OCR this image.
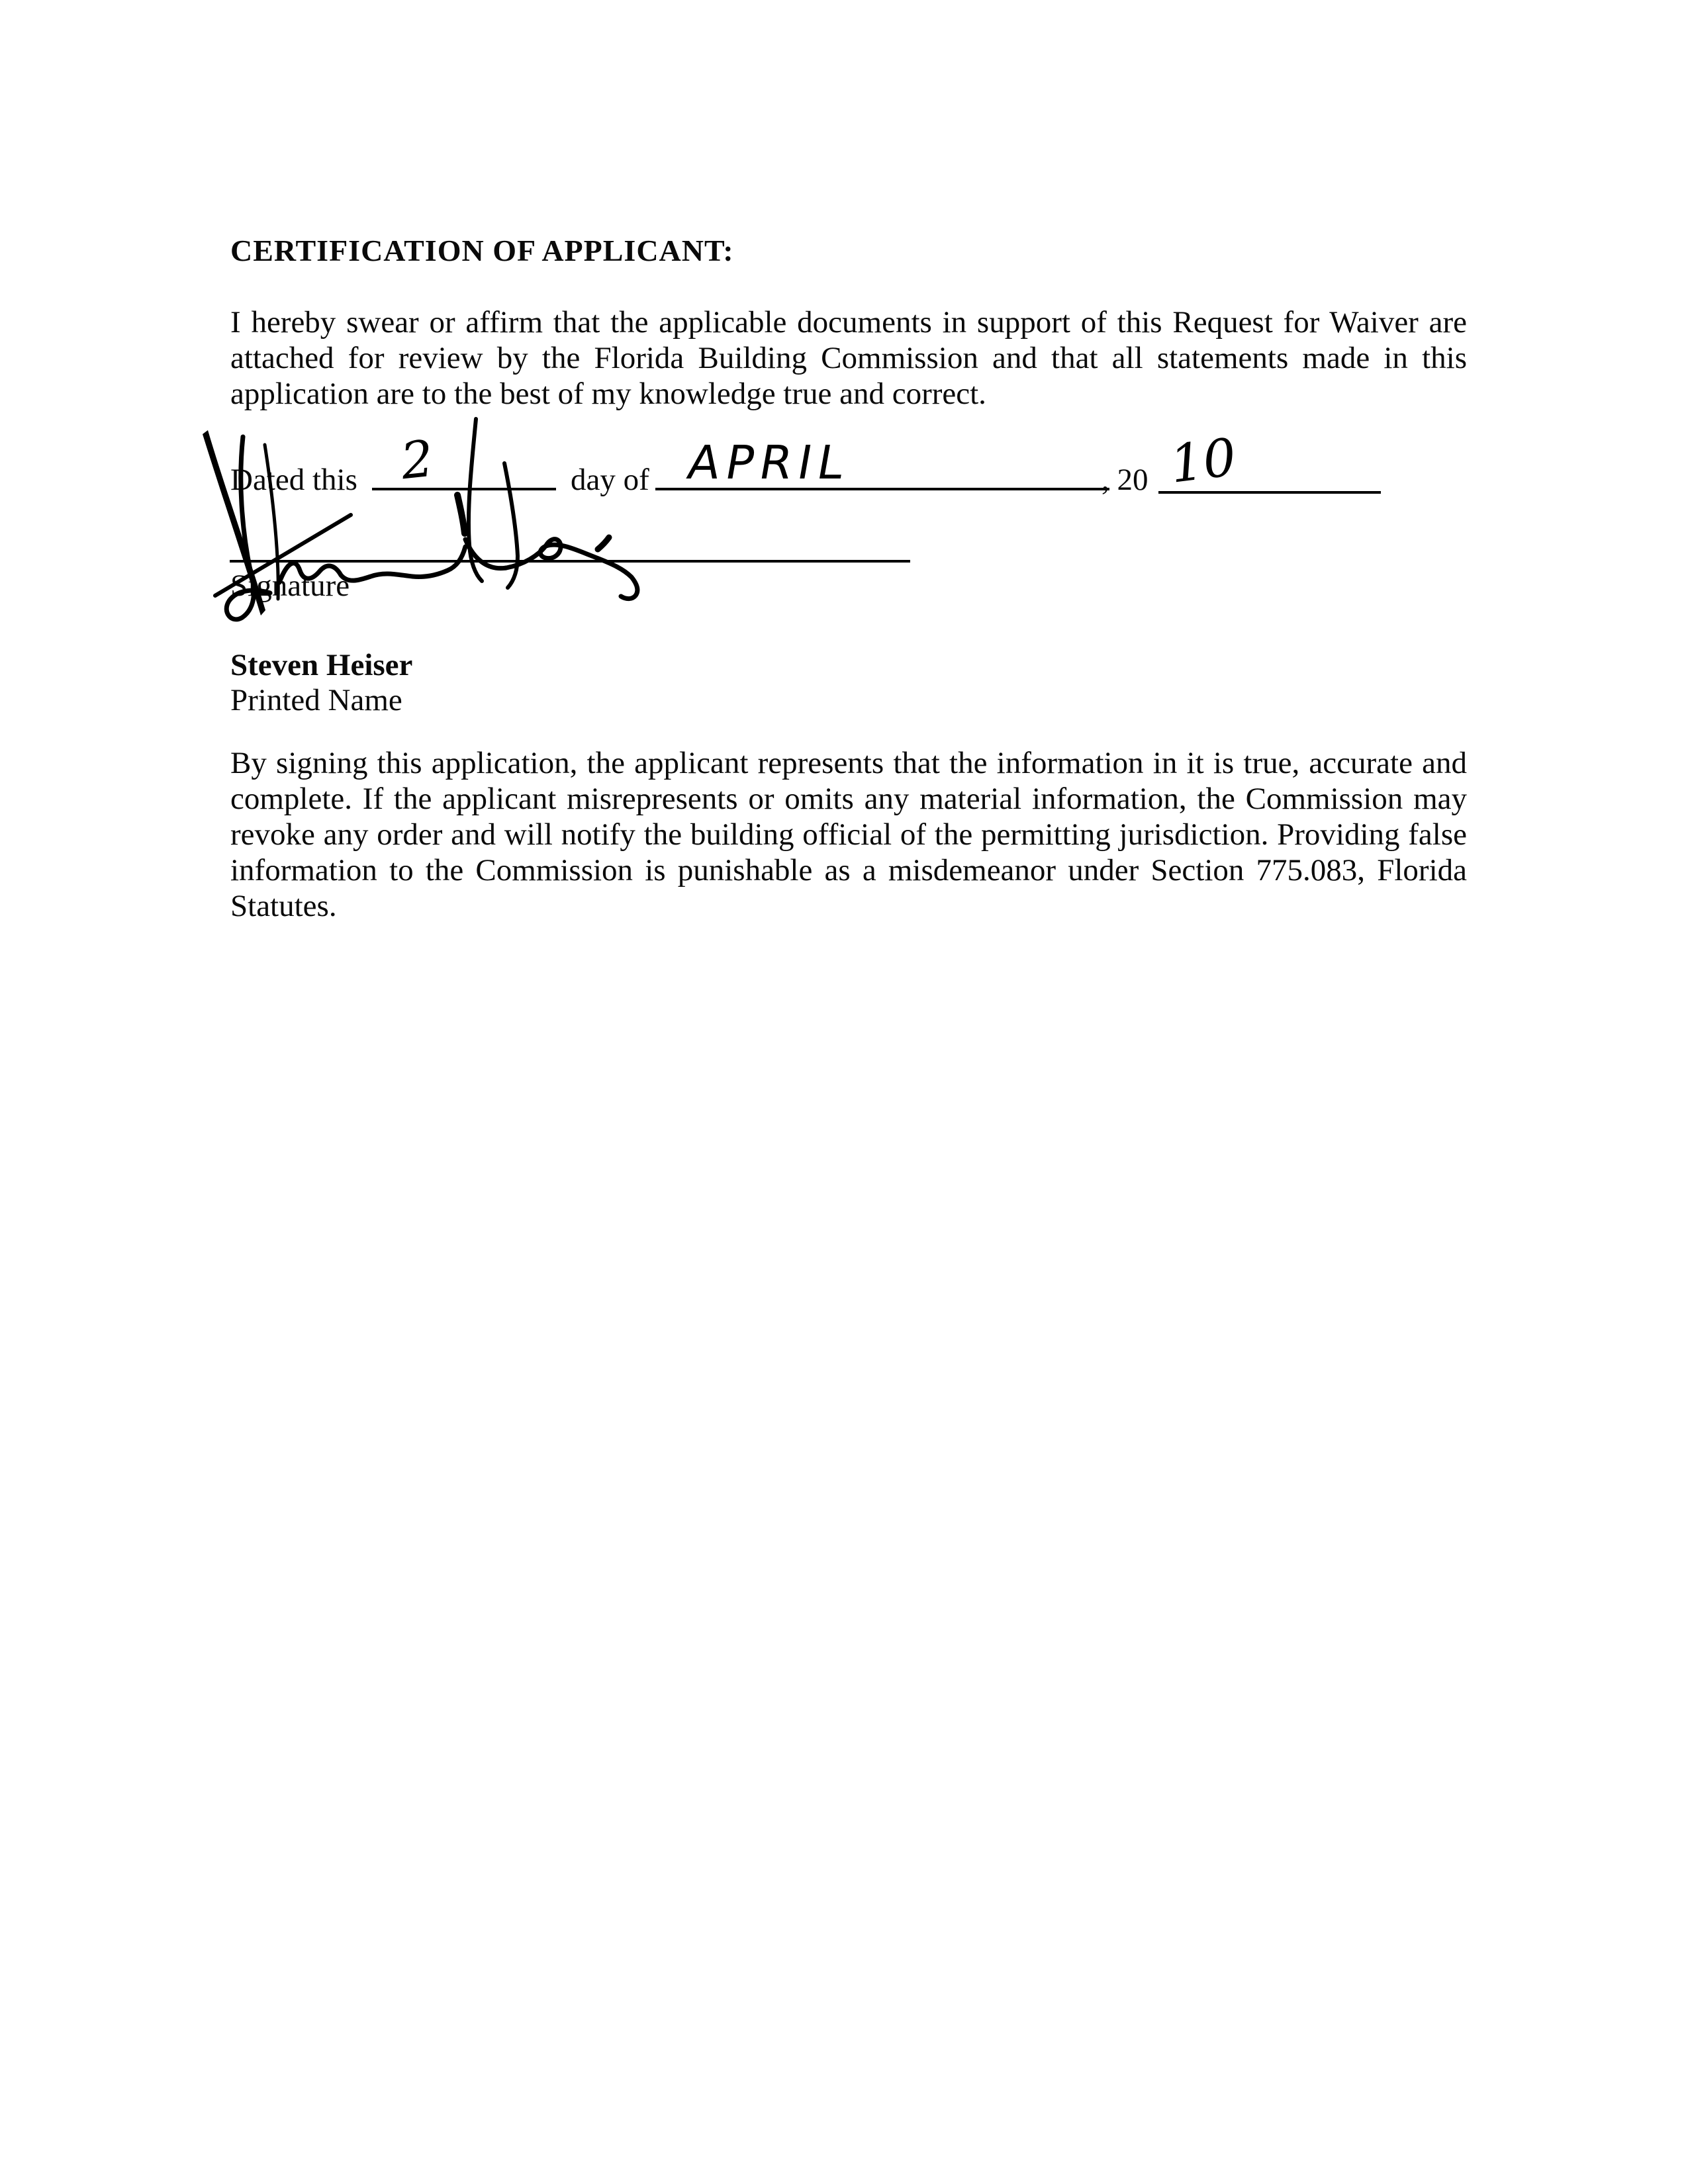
CERTIFICATION OF APPLICANT:
I hereby swear or affirm that the applicable documents in support of this Request for Waiver are attached for review by the Florida Building Commission and that all statements made in this application are to the best of my knowledge true and correct.
Dated this 2	day of APRIL	, 20 10
Signature
Steven Heiser
Printed Name
By signing this application, the applicant represents that the information in it is true, accurate and complete. If the applicant misrepresents or omits any material information, the Commission may revoke any order and will notify the building official of the permitting jurisdiction. Providing false information to the Commission is punishable as a misdemeanor under Section 775.083, Florida Statutes.
